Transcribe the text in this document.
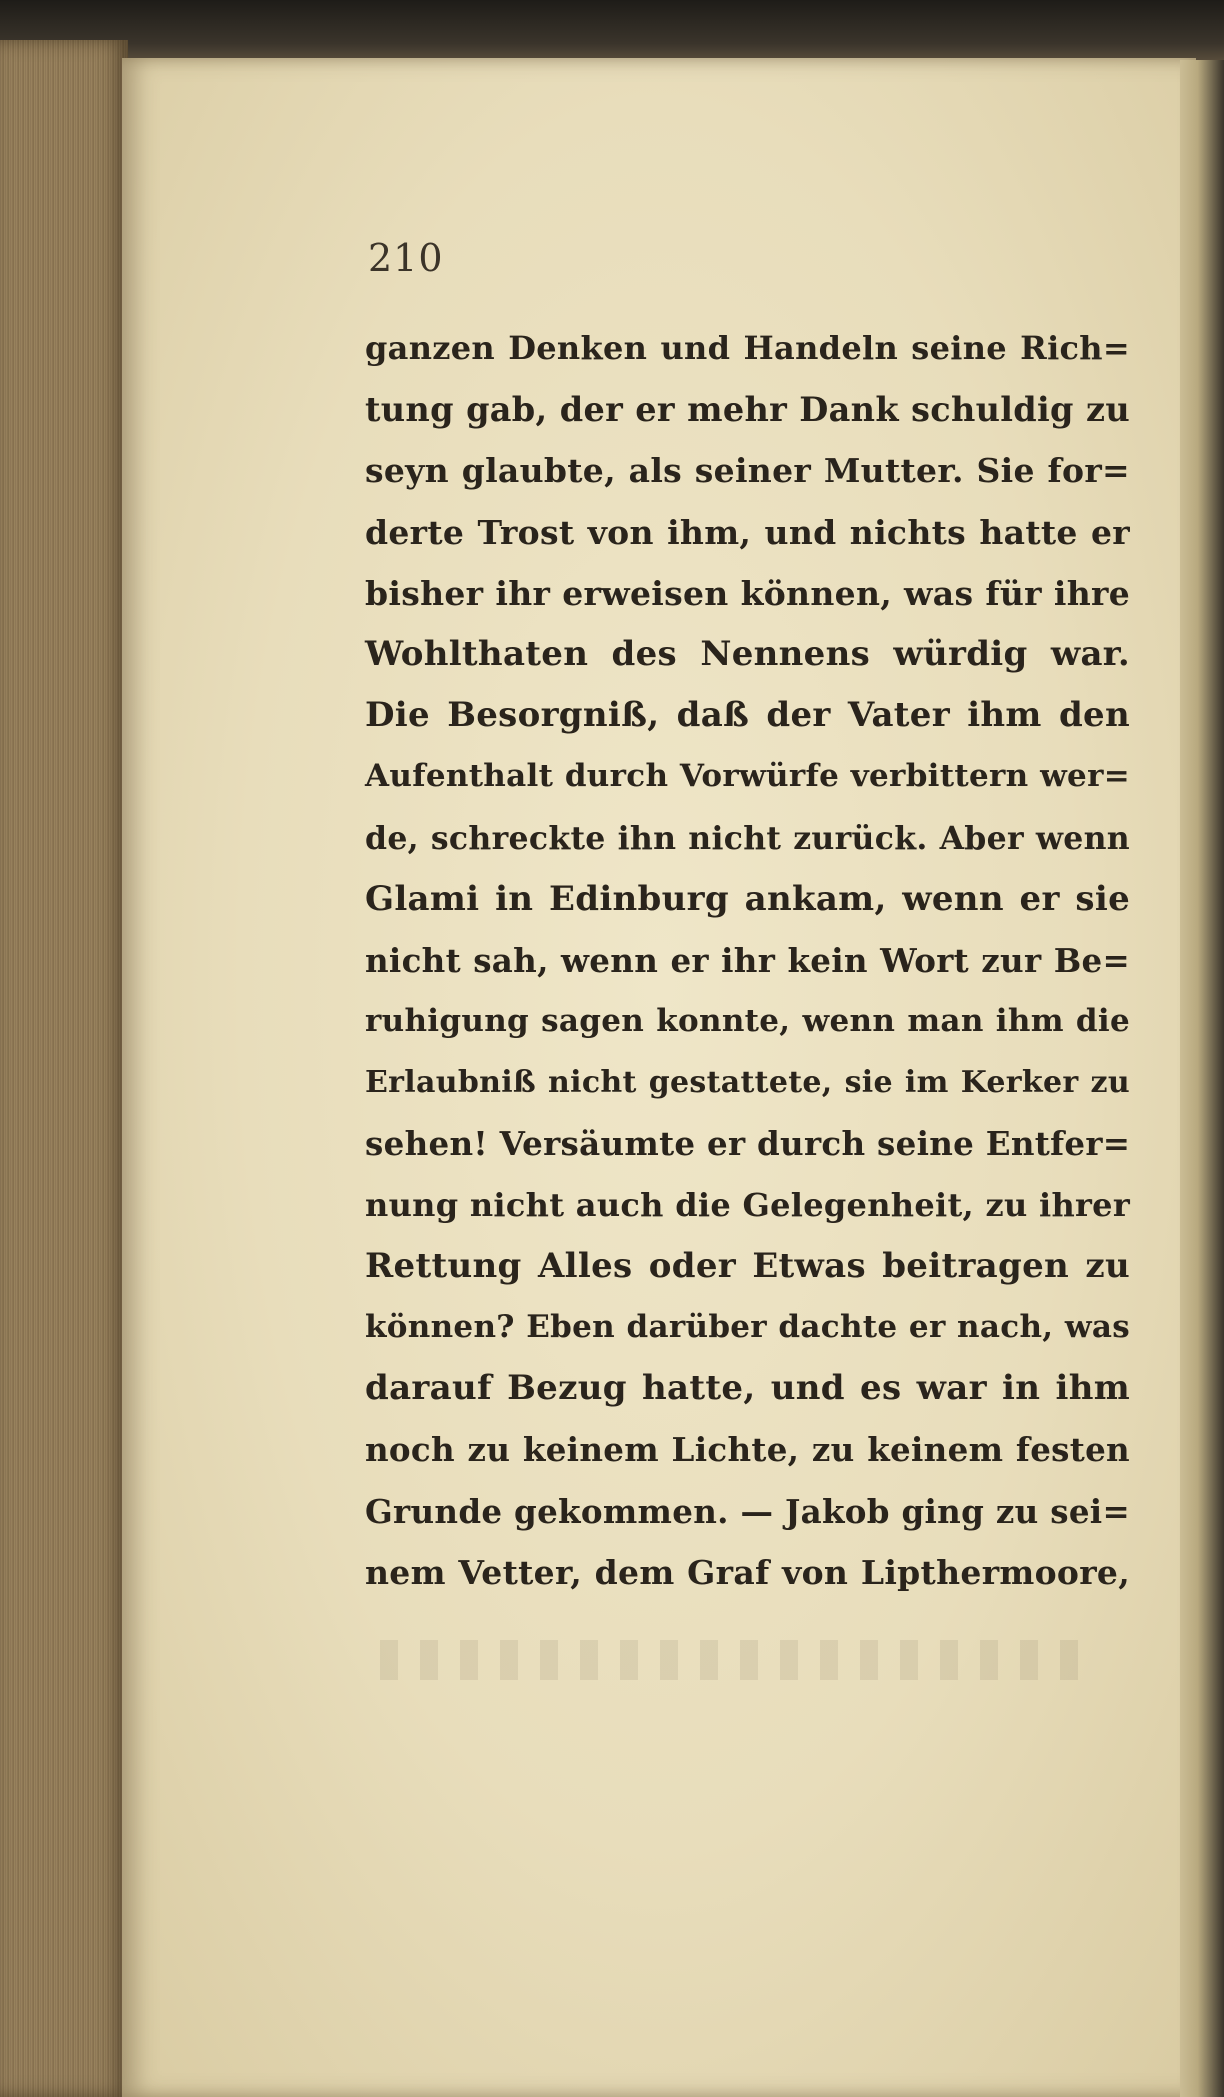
210
ganzen Denken und Handeln seine Rich=
tung gab, der er mehr Dank schuldig zu
seyn glaubte, als seiner Mutter. Sie for=
derte Trost von ihm, und nichts hatte er
bisher ihr erweisen können, was für ihre
Wohlthaten des Nennens würdig war.
Die Besorgniß, daß der Vater ihm den
Aufenthalt durch Vorwürfe verbittern wer=
de, schreckte ihn nicht zurück. Aber wenn
Glami in Edinburg ankam, wenn er sie
nicht sah, wenn er ihr kein Wort zur Be=
ruhigung sagen konnte, wenn man ihm die
Erlaubniß nicht gestattete, sie im Kerker zu
sehen! Versäumte er durch seine Entfer=
nung nicht auch die Gelegenheit, zu ihrer
Rettung Alles oder Etwas beitragen zu
können? Eben darüber dachte er nach, was
darauf Bezug hatte, und es war in ihm
noch zu keinem Lichte, zu keinem festen
Grunde gekommen. — Jakob ging zu sei=
nem Vetter, dem Graf von Lipthermoore,
